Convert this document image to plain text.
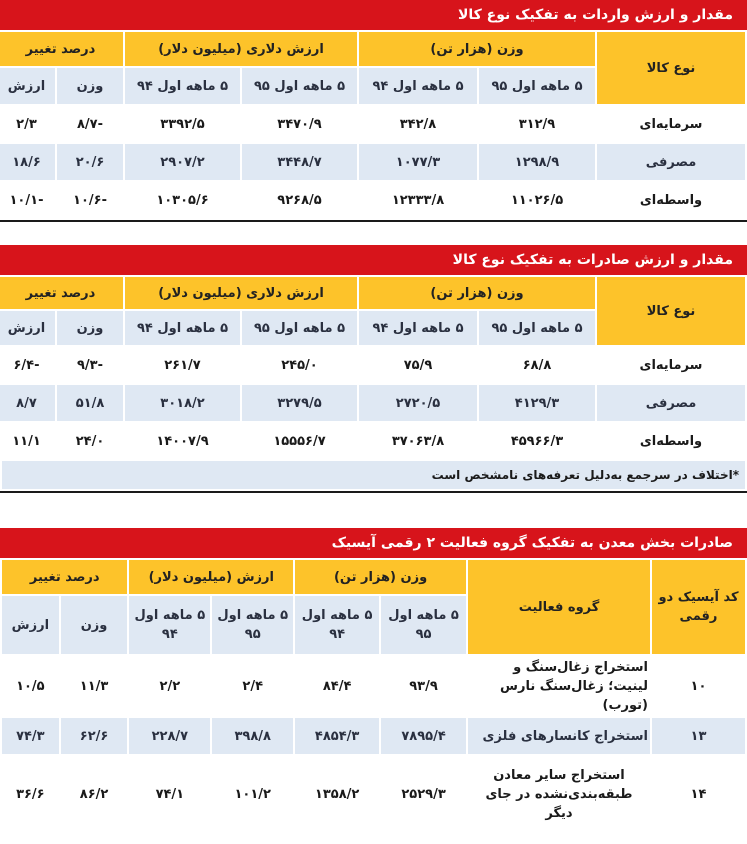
مقدار و ارزش واردات به تفکیک نوع کالا
نوع کالا	وزن (هزار تن)		ارزش دلاری (میلیون دلار)		درصد تغییر	
	۵ ماهه اول ۹۵	۵ ماهه اول ۹۴	۵ ماهه اول ۹۵	۵ ماهه اول ۹۴	وزن	ارزش
سرمایه‌ای	۳۱۲/۹	۳۴۲/۸	۳۴۷۰/۹	۳۳۹۲/۵	-۸/۷	۲/۳
مصرفی	۱۲۹۸/۹	۱۰۷۷/۳	۳۴۴۸/۷	۲۹۰۷/۲	۲۰/۶	۱۸/۶
واسطه‌ای	۱۱۰۲۶/۵	۱۲۳۳۳/۸	۹۲۶۸/۵	۱۰۳۰۵/۶	-۱۰/۶	-۱۰/۱
مقدار و ارزش صادرات به تفکیک نوع کالا
نوع کالا	وزن (هزار تن)		ارزش دلاری (میلیون دلار)		درصد تغییر	
	۵ ماهه اول ۹۵	۵ ماهه اول ۹۴	۵ ماهه اول ۹۵	۵ ماهه اول ۹۴	وزن	ارزش
سرمایه‌ای	۶۸/۸	۷۵/۹	۲۴۵/۰	۲۶۱/۷	-۹/۳	-۶/۴
مصرفی	۴۱۲۹/۳	۲۷۲۰/۵	۳۲۷۹/۵	۳۰۱۸/۲	۵۱/۸	۸/۷
واسطه‌ای	۴۵۹۶۶/۳	۳۷۰۶۳/۸	۱۵۵۵۶/۷	۱۴۰۰۷/۹	۲۴/۰	۱۱/۱
*اختلاف در سرجمع به‌دلیل تعرفه‌های نامشخص است
صادرات بخش معدن به تفکیک گروه فعالیت ۲ رقمی آیسیک
کد آیسیک دو رقمی	گروه فعالیت	وزن (هزار تن)		ارزش (میلیون دلار)		درصد تغییر	
		۵ ماهه اول ۹۵	۵ ماهه اول ۹۴	۵ ماهه اول ۹۵	۵ ماهه اول ۹۴	وزن	ارزش
۱۰	استخراج زغال‌سنگ و لینیت؛ زغال‌سنگ نارس (تورب)	۹۳/۹	۸۴/۴	۲/۴	۲/۲	۱۱/۳	۱۰/۵
۱۳	استخراج کانسارهای فلزی	۷۸۹۵/۴	۴۸۵۴/۳	۳۹۸/۸	۲۲۸/۷	۶۲/۶	۷۴/۳
۱۴	استخراج سایر معادن طبقه‌بندی‌نشده در جای دیگر	۲۵۲۹/۳	۱۳۵۸/۲	۱۰۱/۲	۷۴/۱	۸۶/۲	۳۶/۶
